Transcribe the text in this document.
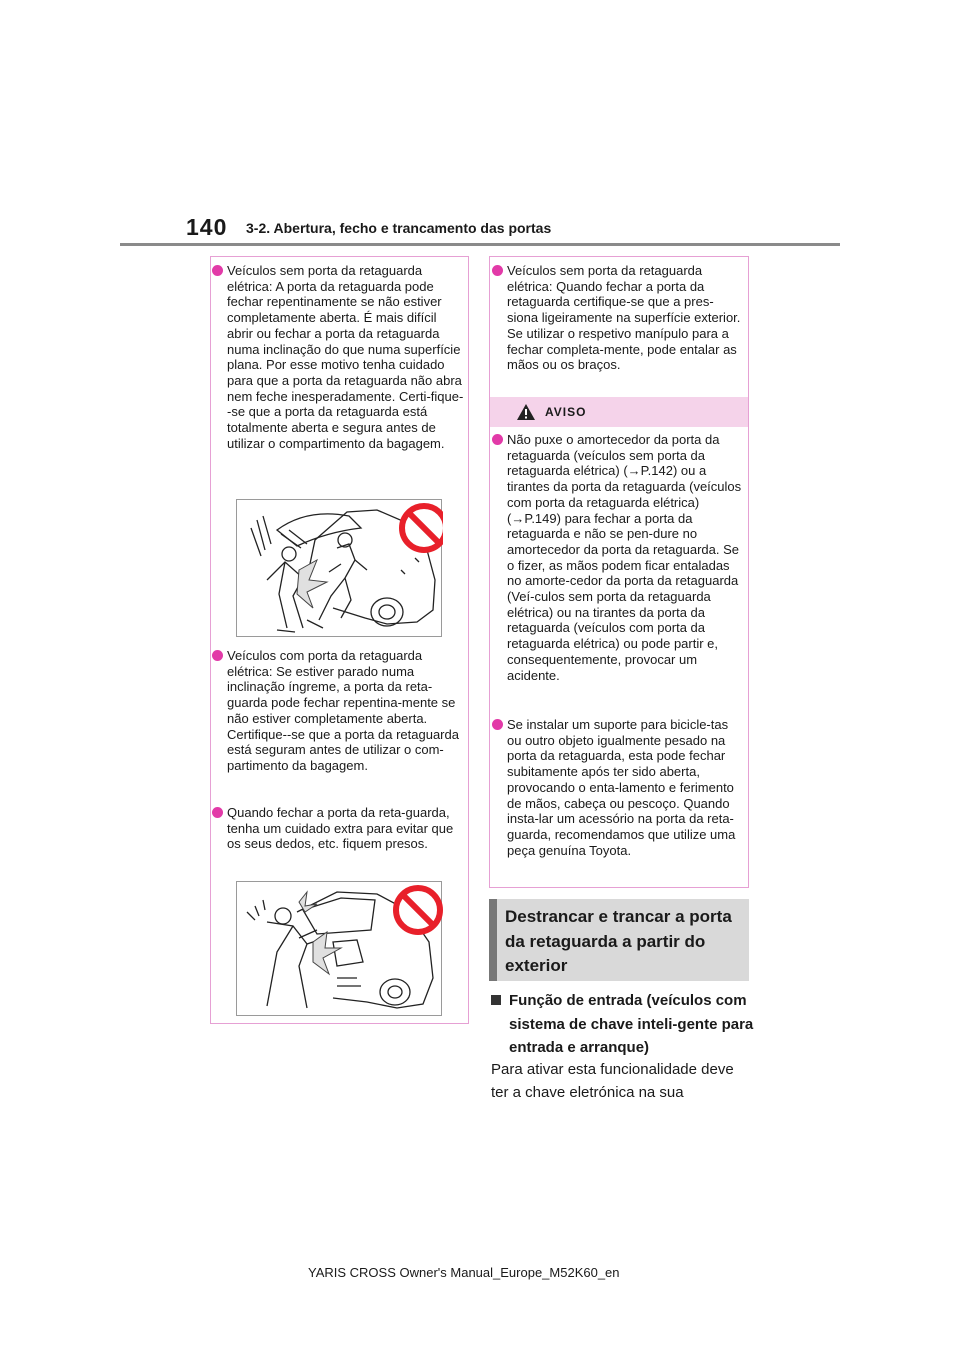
140 3-2. Abertura, fecho e trancamento das portas
Veículos sem porta da retaguarda elétrica: A porta da retaguarda pode fechar repentinamente se não estiver completamente aberta. É mais difícil abrir ou fechar a porta da retaguarda numa inclinação do que numa superfície plana. Por esse motivo tenha cuidado para que a porta da retaguarda não abra nem feche inesperadamente. Certi-fique--se que a porta da retaguarda está totalmente aberta e segura antes de utilizar o compartimento da bagagem.
Veículos com porta da retaguarda elétrica: Se estiver parado numa inclinação íngreme, a porta da reta-guarda pode fechar repentina-mente se não estiver completamente aberta. Certifique--se que a porta da retaguarda está seguram antes de utilizar o com-partimento da bagagem.
Quando fechar a porta da reta-guarda, tenha um cuidado extra para evitar que os seus dedos, etc. fiquem presos.
Veículos sem porta da retaguarda elétrica: Quando fechar a porta da retaguarda certifique-se que a pres-siona ligeiramente na superfície exterior. Se utilizar o respetivo manípulo para a fechar completa-mente, pode entalar as mãos ou os braços.
AVISO
Não puxe o amortecedor da porta da retaguarda (veículos sem porta da retaguarda elétrica) (→P.142) ou a tirantes da porta da retaguarda (veículos com porta da retaguarda elétrica) (→P.149) para fechar a porta da retaguarda e não se pen-dure no amortecedor da porta da retaguarda. Se o fizer, as mãos podem ficar entaladas no amorte-cedor da porta da retaguarda (Veí-culos sem porta da retaguarda elétrica) ou na tirantes da porta da retaguarda (veículos com porta da retaguarda elétrica) ou pode partir e, consequentemente, provocar um acidente.
Se instalar um suporte para bicicle-tas ou outro objeto igualmente pesado na porta da retaguarda, esta pode fechar subitamente após ter sido aberta, provocando o enta-lamento e ferimento de mãos, cabeça ou pescoço. Quando insta-lar um acessório na porta da reta-guarda, recomendamos que utilize uma peça genuína Toyota.
Destrancar e trancar a porta da retaguarda a partir do exterior
Função de entrada (veículos com sistema de chave inteli-gente para entrada e arranque)
Para ativar esta funcionalidade deve ter a chave eletrónica na sua
YARIS CROSS Owner's Manual_Europe_M52K60_en
